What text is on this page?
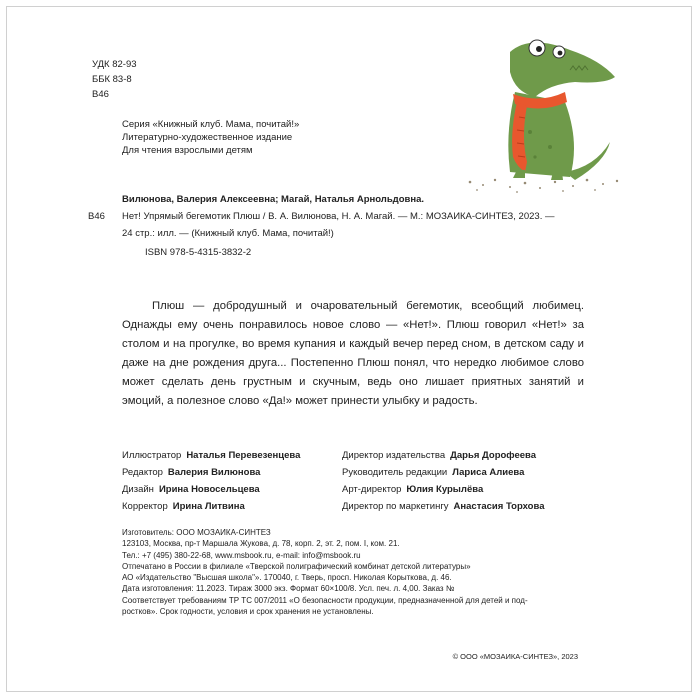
УДК 82-93
ББК 83-8
В46
Серия «Книжный клуб. Мама, почитай!»
Литературно-художественное издание
Для чтения взрослыми детям
Вилюнова, Валерия Алексеевна; Магай, Наталья Арнольдовна.
В46 Нет! Упрямый бегемотик Плюш / В. А. Вилюнова, Н. А. Магай. — М.: МОЗАИКА-СИНТЕЗ, 2023. —
24 стр.: илл. — (Книжный клуб. Мама, почитай!)
ISBN 978-5-4315-3832-2
Плюш — добродушный и очаровательный бегемотик, всеобщий любимец. Однажды ему очень понравилось новое слово — «Нет!». Плюш говорил «Нет!» за столом и на прогулке, во время купания и каждый вечер перед сном, в детском саду и даже на дне рождения друга... Постепенно Плюш понял, что нередко любимое слово может сделать день грустным и скучным, ведь оно лишает приятных занятий и эмоций, а полезное слово «Да!» может принести улыбку и радость.
Иллюстратор Наталья Перевезенцева
Редактор Валерия Вилюнова
Дизайн Ирина Новосельцева
Корректор Ирина Литвина
Директор издательства Дарья Дорофеева
Руководитель редакции Лариса Алиева
Арт-директор Юлия Курылёва
Директор по маркетингу Анастасия Торхова
Изготовитель: ООО МОЗАИКА-СИНТЕЗ
123103, Москва, пр-т Маршала Жукова, д. 78, корп. 2, эт. 2, пом. I, ком. 21.
Тел.: +7 (495) 380-22-68, www.msbook.ru, e-mail: info@msbook.ru
Отпечатано в России в филиале «Тверской полиграфический комбинат детской литературы»
АО «Издательство "Высшая школа"». 170040, г. Тверь, просп. Николая Корыткова, д. 46.
Дата изготовления: 11.2023. Тираж 3000 экз. Формат 60×100/8. Усл. печ. л. 4,00. Заказ №
Соответствует требованиям ТР ТС 007/2011 «О безопасности продукции, предназначенной для детей и под-
ростков». Срок годности, условия и срок хранения не установлены.
© ООО «МОЗАИКА-СИНТЕЗ», 2023
